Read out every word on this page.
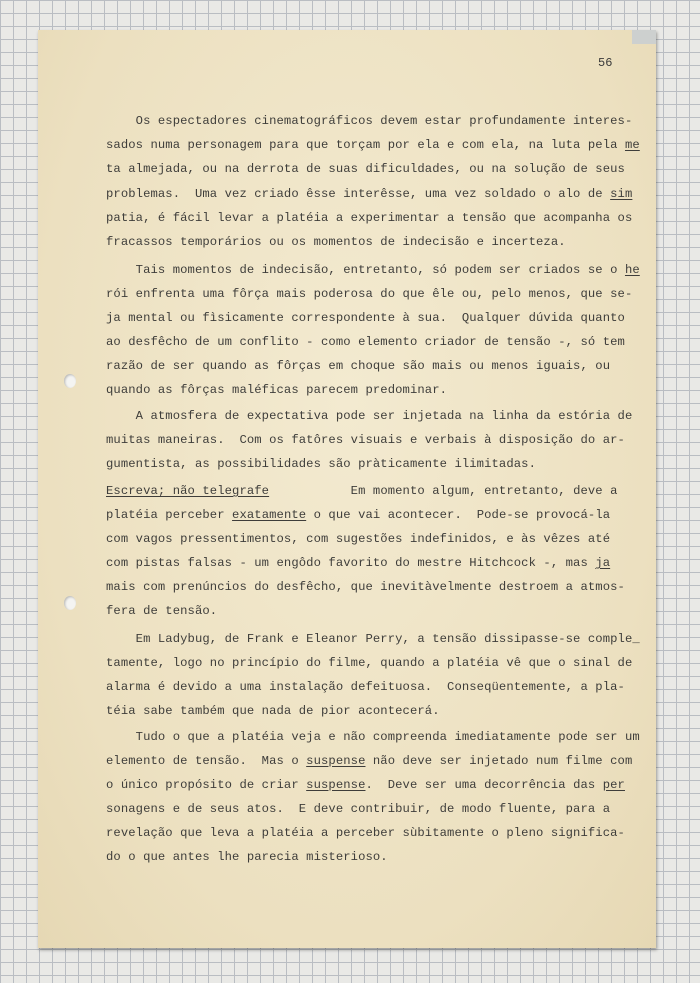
56
Os espectadores cinematográficos devem estar profundamente interes-
sados numa personagem para que torçam por ela e com ela, na luta pela me
ta almejada, ou na derrota de suas dificuldades, ou na solução de seus
problemas.  Uma vez criado êsse interêsse, uma vez soldado o alo de sim
patia, é fácil levar a platéia a experimentar a tensão que acompanha os
fracassos temporários ou os momentos de indecisão e incerteza.
Tais momentos de indecisão, entretanto, só podem ser criados se o he
rói enfrenta uma fôrça mais poderosa do que êle ou, pelo menos, que se-
ja mental ou fìsicamente correspondente à sua.  Qualquer dúvida quanto
ao desfêcho de um conflito - como elemento criador de tensão -, só tem
razão de ser quando as fôrças em choque são mais ou menos iguais, ou
quando as fôrças maléficas parecem predominar.
A atmosfera de expectativa pode ser injetada na linha da estória de
muitas maneiras.  Com os fatôres visuais e verbais à disposição do ar-
gumentista, as possibilidades são pràticamente ilimitadas.
Escreva; não telegrafe           Em momento algum, entretanto, deve a
platéia perceber exatamente o que vai acontecer.  Pode-se provocá-la
com vagos pressentimentos, com sugestões indefinidos, e às vêzes até
com pistas falsas - um engôdo favorito do mestre Hitchcock -, mas ja
mais com prenúncios do desfêcho, que inevitàvelmente destroem a atmos-
fera de tensão.
Em Ladybug, de Frank e Eleanor Perry, a tensão dissipasse-se comple_
tamente, logo no princípio do filme, quando a platéia vê que o sinal de
alarma é devido a uma instalação defeituosa.  Conseqüentemente, a pla-
téia sabe também que nada de pior acontecerá.
Tudo o que a platéia veja e não compreenda imediatamente pode ser um
elemento de tensão.  Mas o suspense não deve ser injetado num filme com
o único propósito de criar suspense.  Deve ser uma decorrência das per
sonagens e de seus atos.  E deve contribuir, de modo fluente, para a
revelação que leva a platéia a perceber sùbitamente o pleno significa-
do o que antes lhe parecia misterioso.
